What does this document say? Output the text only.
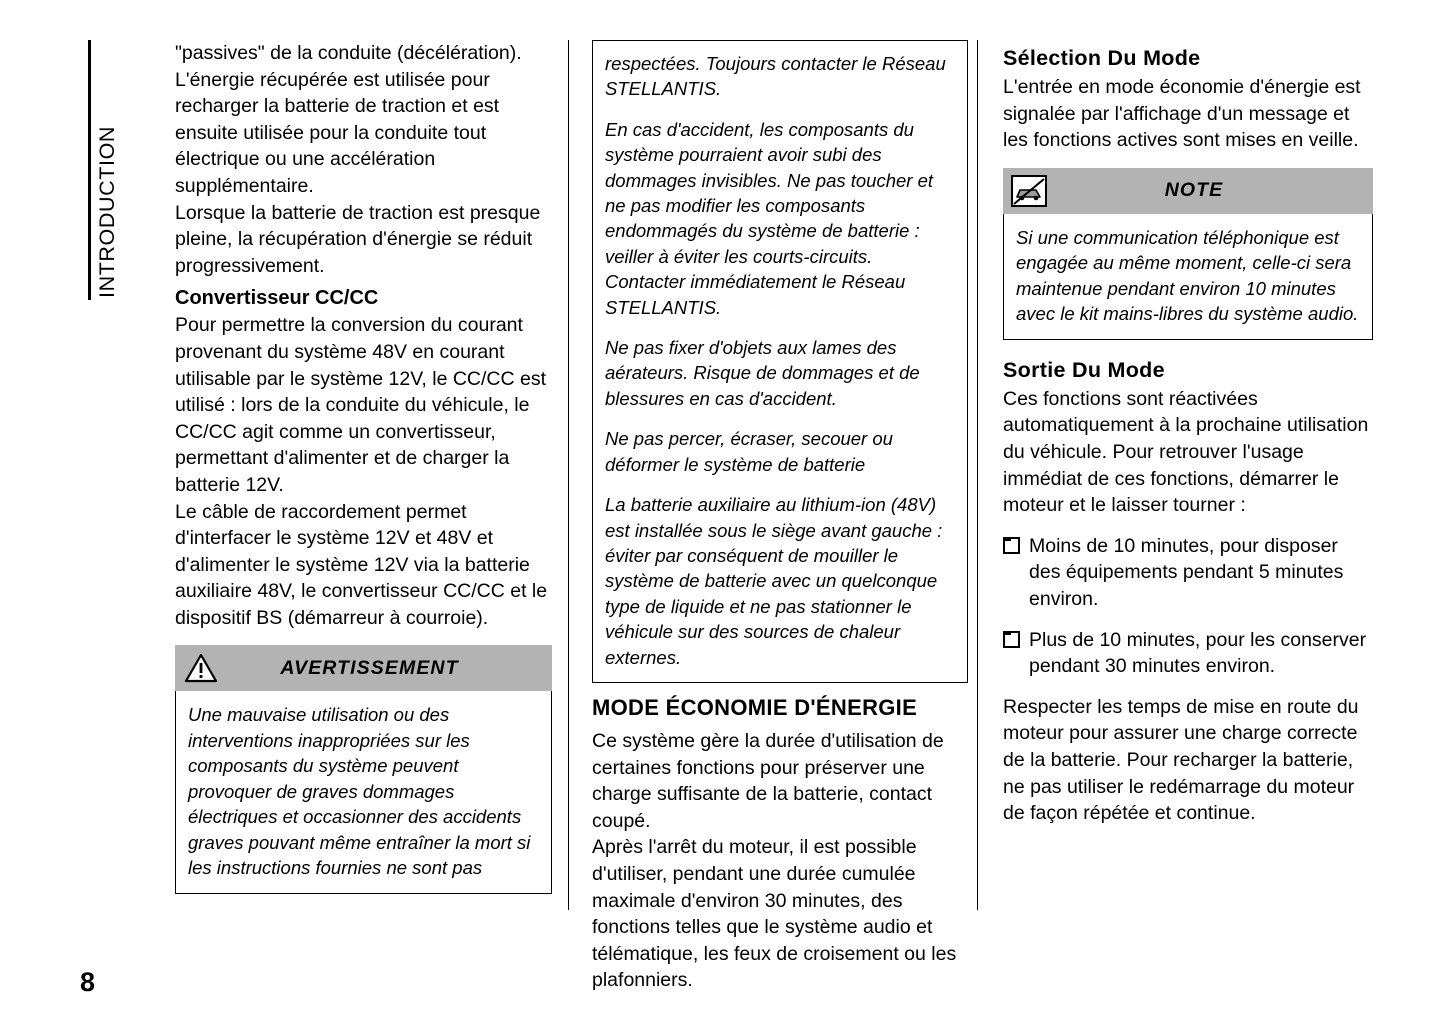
INTRODUCTION

"passives" de la conduite (décélération). L'énergie récupérée est utilisée pour recharger la batterie de traction et est ensuite utilisée pour la conduite tout électrique ou une accélération supplémentaire.

Lorsque la batterie de traction est presque pleine, la récupération d'énergie se réduit progressivement.

Convertisseur CC/CC

Pour permettre la conversion du courant provenant du système 48V en courant utilisable par le système 12V, le CC/CC est utilisé : lors de la conduite du véhicule, le CC/CC agit comme un convertisseur, permettant d'alimenter et de charger la batterie 12V.

Le câble de raccordement permet d'interfacer le système 12V et 48V et d'alimenter le système 12V via la batterie auxiliaire 48V, le convertisseur CC/CC et le dispositif BS (démarreur à courroie).

AVERTISSEMENT
Une mauvaise utilisation ou des interventions inappropriées sur les composants du système peuvent provoquer de graves dommages électriques et occasionner des accidents graves pouvant même entraîner la mort si les instructions fournies ne sont pas

respectées. Toujours contacter le Réseau STELLANTIS.

En cas d'accident, les composants du système pourraient avoir subi des dommages invisibles. Ne pas toucher et ne pas modifier les composants endommagés du système de batterie : veiller à éviter les courts-circuits. Contacter immédiatement le Réseau STELLANTIS.

Ne pas fixer d'objets aux lames des aérateurs. Risque de dommages et de blessures en cas d'accident.

Ne pas percer, écraser, secouer ou déformer le système de batterie

La batterie auxiliaire au lithium-ion (48V) est installée sous le siège avant gauche : éviter par conséquent de mouiller le système de batterie avec un quelconque type de liquide et ne pas stationner le véhicule sur des sources de chaleur externes.

MODE ÉCONOMIE D'ÉNERGIE

Ce système gère la durée d'utilisation de certaines fonctions pour préserver une charge suffisante de la batterie, contact coupé.

Après l'arrêt du moteur, il est possible d'utiliser, pendant une durée cumulée maximale d'environ 30 minutes, des fonctions telles que le système audio et télématique, les feux de croisement ou les plafonniers.

Sélection Du Mode

L'entrée en mode économie d'énergie est signalée par l'affichage d'un message et les fonctions actives sont mises en veille.

NOTE
Si une communication téléphonique est engagée au même moment, celle-ci sera maintenue pendant environ 10 minutes avec le kit mains-libres du système audio.
Sortie Du Mode

Ces fonctions sont réactivées automatiquement à la prochaine utilisation du véhicule. Pour retrouver l'usage immédiat de ces fonctions, démarrer le moteur et le laisser tourner :

Moins de 10 minutes, pour disposer des équipements pendant 5 minutes environ.
Plus de 10 minutes, pour les conserver pendant 30 minutes environ.

Respecter les temps de mise en route du moteur pour assurer une charge correcte de la batterie. Pour recharger la batterie, ne pas utiliser le redémarrage du moteur de façon répétée et continue.

8
